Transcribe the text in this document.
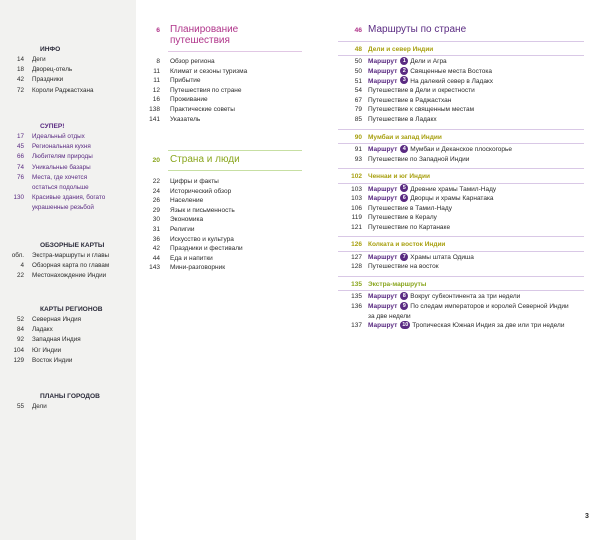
ИНФО
14	Деги
18	Дворец-отель
42	Праздники
72	Короли Раджастхана
СУПЕР!
17	Идеальный отдых
45	Региональная кухня
66	Любителям природы
74	Уникальные базары
76	Места, где хочется
остаться подольше
130	Красивые здания, богато
украшенные резьбой
ОБЗОРНЫЕ КАРТЫ
обл.	Экстра-маршруты и главы
4	Обзорная карта по главам
22	Местонахождение Индии
КАРТЫ РЕГИОНОВ
52	Северная Индия
84	Ладакх
92	Западная Индия
104	Юг Индии
129	Восток Индии
ПЛАНЫ ГОРОДОВ
55	Дели
6	Планирование
путешествия
8	Обзор региона
11	Климат и сезоны туризма
11	Прибытие
12	Путешествия по стране
16	Проживание
138	Практические советы
141	Указатель
20	Страна и люди
22	Цифры и факты
24	Исторический обзор
26	Население
29	Язык и письменность
30	Экономика
31	Религии
36	Искусство и культура
42	Праздники и фестивали
44	Еда и напитки
143	Мини-разговорник
46 Маршруты по стране
48 Дели и север Индии
50 Маршрут 1 Дели и Агра
50 Маршрут 2 Священные места Востока
51 Маршрут 3 На далекий север в Ладакх
54 Путешествие в Дели и окрестности
67 Путешествие в Раджастхан
79 Путешествие к священным местам
85 Путешествие в Ладакх
90 Мумбаи и запад Индии
91 Маршрут 4 Мумбаи и Деканское плоскогорье
93 Путешествие по Западной Индии
102 Ченнаи и юг Индии
103 Маршрут 5 Древние храмы Тамил-Наду
103 Маршрут 6 Дворцы и храмы Карнатака
106 Путешествие в Тамил-Наду
119 Путешествие в Кералу
121 Путешествие по Картанаке
126 Колката и восток Индии
127 Маршрут 7 Храмы штата Одиша
128 Путешествие на восток
135 Экстра-маршруты
135 Маршрут 8 Вокруг субконтинента за три недели
136 Маршрут 9 По следам императоров и королей Северной Индии
за две недели
137 Маршрут 10 Тропическая Южная Индия за две или три недели
3
